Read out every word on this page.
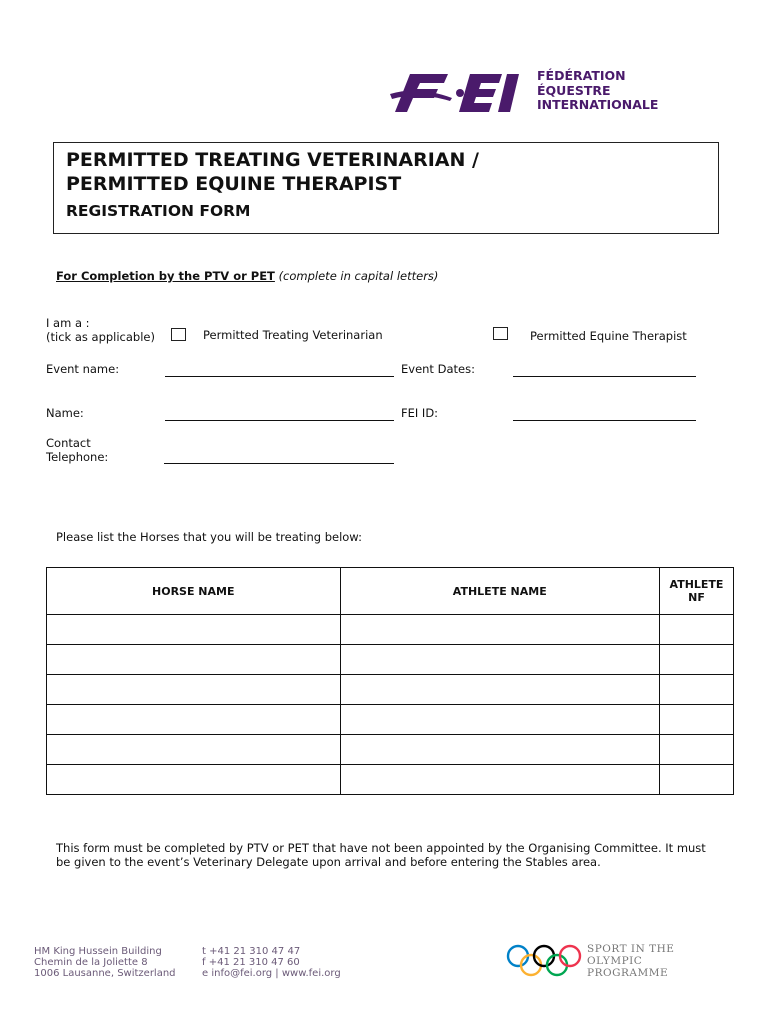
FÉDÉRATION
ÉQUESTRE
INTERNATIONALE
PERMITTED TREATING VETERINARIAN /
PERMITTED EQUINE THERAPIST
REGISTRATION FORM
For Completion by the PTV or PET (complete in capital letters)
I am a :
(tick as applicable)	Permitted Treating Veterinarian	Permitted Equine Therapist
Event name:	Event Dates:
Name:	FEI ID:
Contact
Telephone:
Please list the Horses that you will be treating below:
HORSE NAME	ATHLETE NAME	ATHLETE NF

This form must be completed by PTV or PET that have not been appointed by the Organising Committee. It must
be given to the event’s Veterinary Delegate upon arrival and before entering the Stables area.
HM King Hussein Building
Chemin de la Joliette 8
1006 Lausanne, Switzerland
t +41 21 310 47 47
f +41 21 310 47 60
e info@fei.org | www.fei.org
SPORT IN THE
OLYMPIC
PROGRAMME
